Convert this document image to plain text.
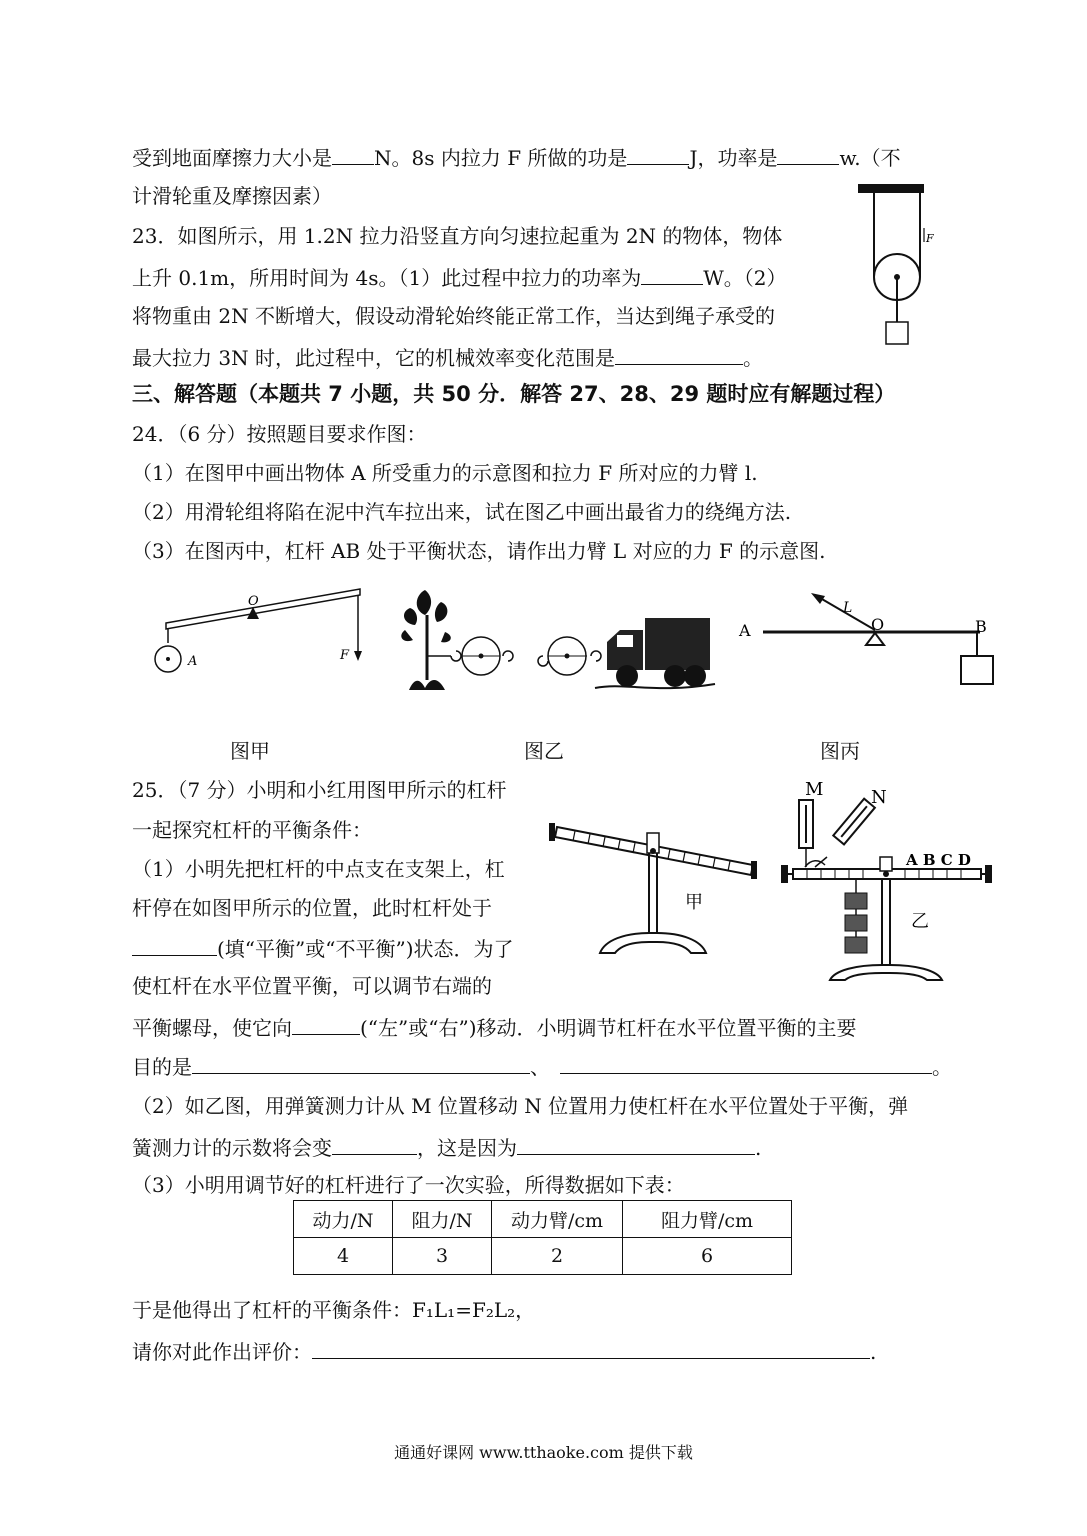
受到地面摩擦力大小是 N。8s 内拉力 F 所做的功是	J，功率是	w.（不
计滑轮重及摩擦因素）
23．如图所示，用 1.2N 拉力沿竖直方向匀速拉起重为 2N 的物体，物体
上升 0.1m，所用时间为 4s。（1）此过程中拉力的功率为	W。（2）
将物重由 2N 不断增大，假设动滑轮始终能正常工作，当达到绳子承受的
最大拉力 3N 时，此过程中，它的机械效率变化范围是	。
F
三、解答题（本题共 7 小题，共 50 分．解答 27、28、29 题时应有解题过程）
24．（6 分）按照题目要求作图：
（1）在图甲中画出物体 A 所受重力的示意图和拉力 F 所对应的力臂 l.
（2）用滑轮组将陷在泥中汽车拉出来，试在图乙中画出最省力的绕绳方法.
（3）在图丙中，杠杆 AB 处于平衡状态，请作出力臂 L 对应的力 F 的示意图.
O
A	F
A	B
O
L
图甲	图乙	图丙
25．（7 分）小明和小红用图甲所示的杠杆
一起探究杠杆的平衡条件：
（1）小明先把杠杆的中点支在支架上，杠
杆停在如图甲所示的位置，此时杠杆处于
(填“平衡”或“不平衡”)状态．为了
使杠杆在水平位置平衡，可以调节右端的
平衡螺母，使它向	(“左”或“右”)移动．小明调节杠杆在水平位置平衡的主要
目的是	、	。
（2）如乙图，用弹簧测力计从 M 位置移动 N 位置用力使杠杆在水平位置处于平衡，弹
簧测力计的示数将会变	，这是因为	.
（3）小明用调节好的杠杆进行了一次实验，所得数据如下表：
甲
M	N
A B C D
乙
动力/N	阻力/N	动力臂/cm	阻力臂/cm
4	3	2	6
于是他得出了杠杆的平衡条件：F₁L₁=F₂L₂，
请你对此作出评价：	.
通通好课网 www.tthaoke.com 提供下载
